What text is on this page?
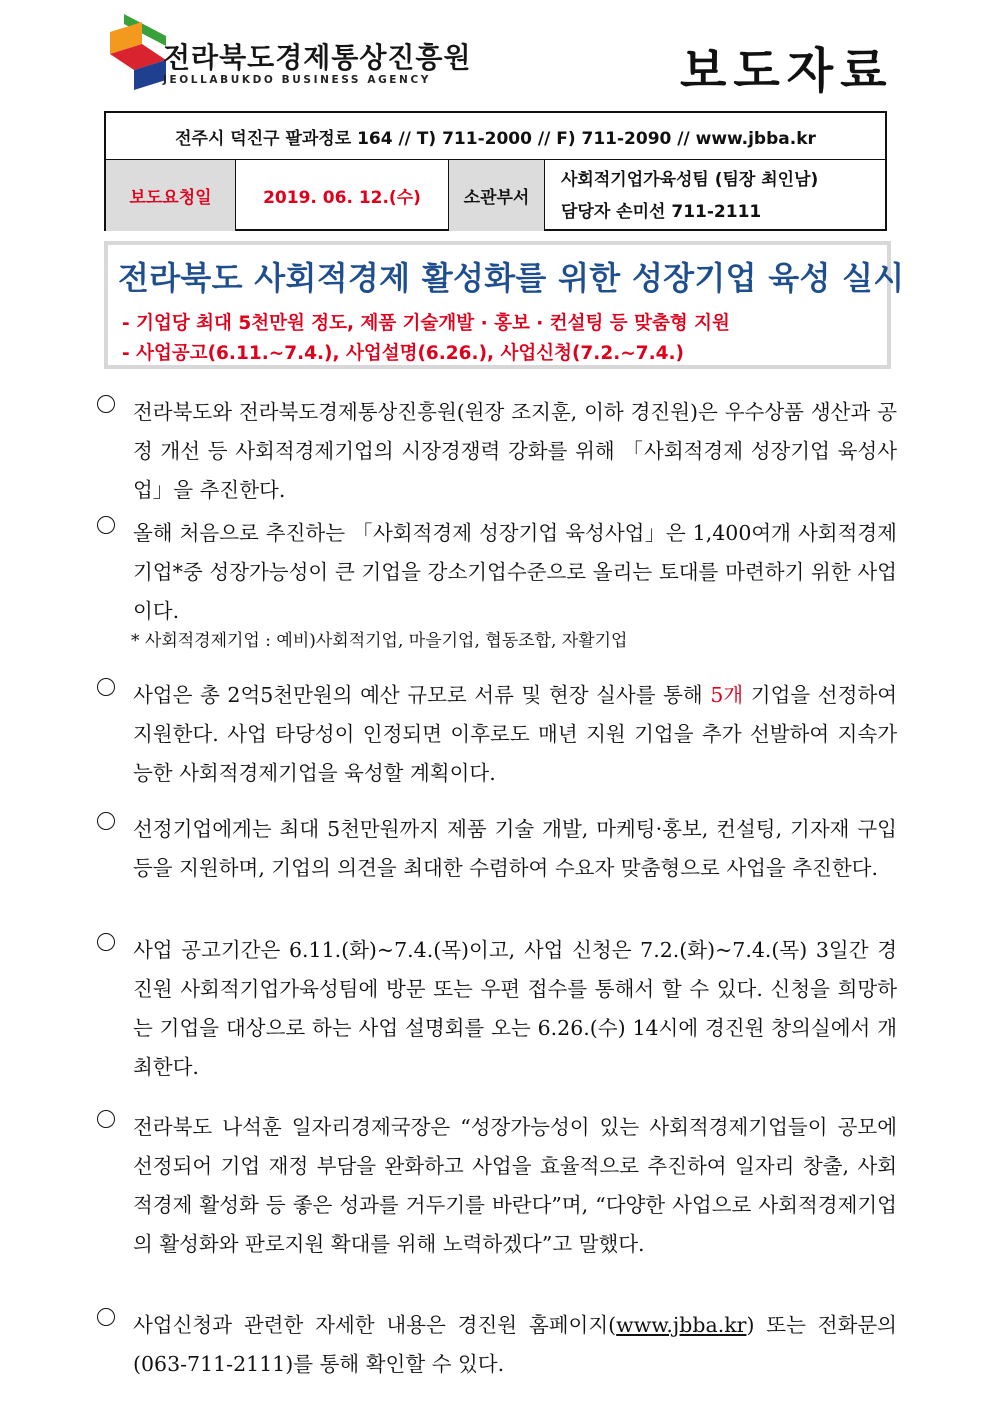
전라북도경제통상진흥원
JEOLLABUKDO BUSINESS AGENCY	보도자료
전주시 덕진구 팔과정로 164 // T) 711-2000 // F) 711-2090 // www.jbba.kr
보도요청일	2019. 06. 12.(수)	소관부서
사회적기업가육성팀 (팀장 최인남)
담당자 손미선 711-2111
전라북도 사회적경제 활성화를 위한 성장기업 육성 실시
- 기업당 최대 5천만원 정도, 제품 기술개발 · 홍보 · 컨설팅 등 맞춤형 지원
- 사업공고(6.11.~7.4.), 사업설명(6.26.), 사업신청(7.2.~7.4.)
전라북도와 전라북도경제통상진흥원(원장 조지훈, 이하 경진원)은 우수상품 생산과 공정 개선 등 사회적경제기업의 시장경쟁력 강화를 위해 「사회적경제 성장기업 육성사업」을 추진한다.
올해 처음으로 추진하는 「사회적경제 성장기업 육성사업」은 1,400여개 사회적경제기업*중 성장가능성이 큰 기업을 강소기업수준으로 올리는 토대를 마련하기 위한 사업이다.
* 사회적경제기업 : 예비)사회적기업, 마을기업, 협동조합, 자활기업
사업은 총 2억5천만원의 예산 규모로 서류 및 현장 실사를 통해 5개 기업을 선정하여 지원한다. 사업 타당성이 인정되면 이후로도 매년 지원 기업을 추가 선발하여 지속가능한 사회적경제기업을 육성할 계획이다.
선정기업에게는 최대 5천만원까지 제품 기술 개발, 마케팅·홍보, 컨설팅, 기자재 구입 등을 지원하며, 기업의 의견을 최대한 수렴하여 수요자 맞춤형으로 사업을 추진한다.
사업 공고기간은 6.11.(화)~7.4.(목)이고, 사업 신청은 7.2.(화)~7.4.(목) 3일간 경진원 사회적기업가육성팀에 방문 또는 우편 접수를 통해서 할 수 있다. 신청을 희망하는 기업을 대상으로 하는 사업 설명회를 오는 6.26.(수) 14시에 경진원 창의실에서 개최한다.
전라북도 나석훈 일자리경제국장은 “성장가능성이 있는 사회적경제기업들이 공모에 선정되어 기업 재정 부담을 완화하고 사업을 효율적으로 추진하여 일자리 창출, 사회적경제 활성화 등 좋은 성과를 거두기를 바란다”며, “다양한 사업으로 사회적경제기업의 활성화와 판로지원 확대를 위해 노력하겠다”고 말했다.
사업신청과 관련한 자세한 내용은 경진원 홈페이지(www.jbba.kr) 또는 전화문의(063-711-2111)를 통해 확인할 수 있다.
